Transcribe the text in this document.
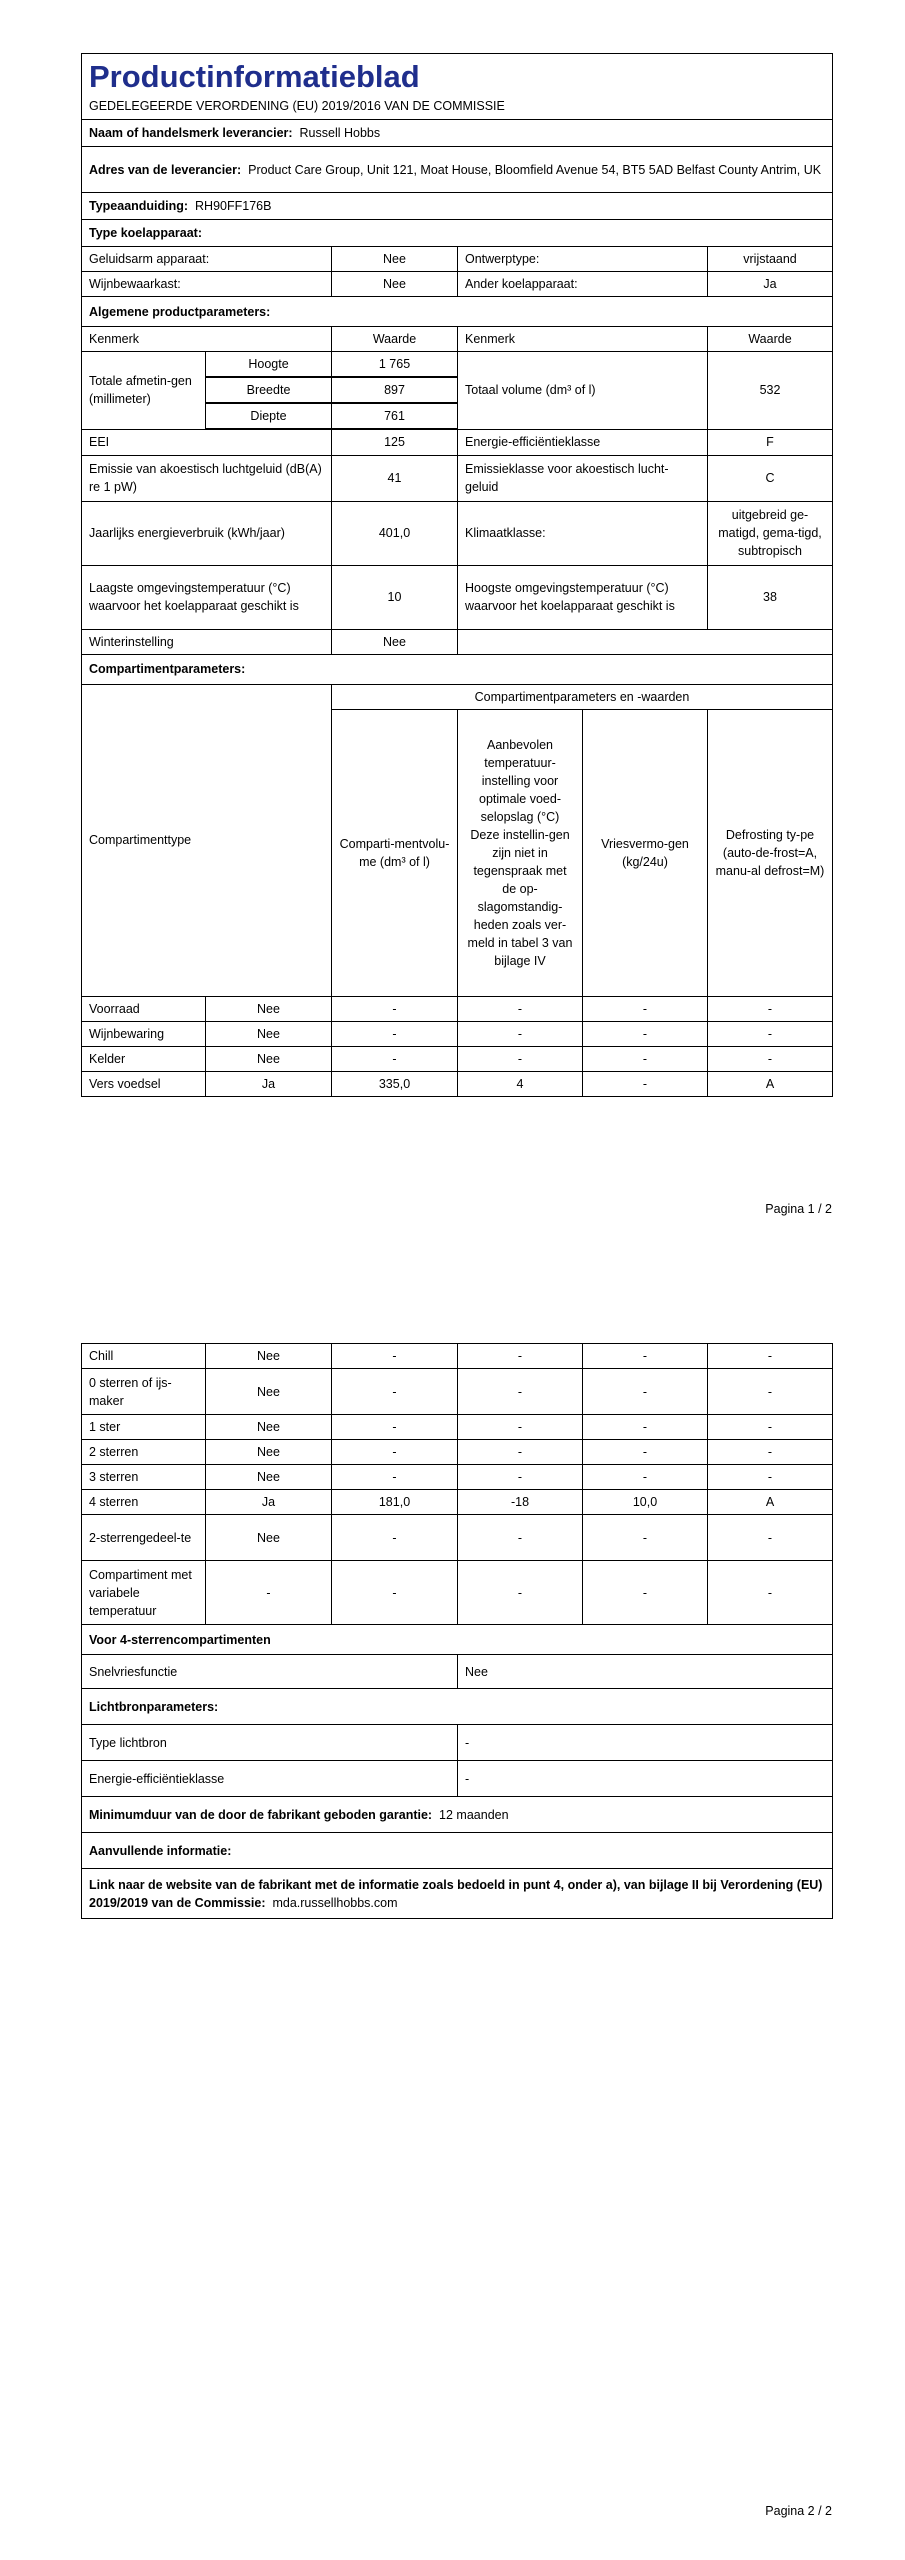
Productinformatieblad
GEDELEGEERDE VERORDENING (EU) 2019/2016 VAN DE COMMISSIE				

Naam of handelsmerk leverancier: Russell Hobbs				
Adres van de leverancier: Product Care Group, Unit 121, Moat House, Bloomfield Avenue 54, BT5 5AD Belfast County Antrim, UK				
Typeaanduiding: RH90FF176B				
Type koelapparaat:				
Geluidsarm apparaat:		Nee	Ontwerptype:	vrijstaand
Wijnbewaarkast:		Nee	Ander koelapparaat:	Ja
Algemene productparameters:				
Kenmerk		Waarde	Kenmerk	Waarde
Totale afmetin-gen (millimeter)	Hoogte	1 765	Totaal volume (dm³ of l)	532
	Breedte	897		
	Diepte	761		
EEI		125	Energie-efficiëntieklasse	F
Emissie van akoestisch luchtgeluid (dB(A) re 1 pW)		41	Emissieklasse voor akoestisch lucht-geluid	C
Jaarlijks energieverbruik (kWh/jaar)		401,0	Klimaatklasse:	uitgebreid ge-matigd, gema-tigd, subtropisch
Laagste omgevingstemperatuur (°C) waarvoor het koelapparaat geschikt is		10	Hoogste omgevingstemperatuur (°C) waarvoor het koelapparaat geschikt is	38
Winterinstelling		Nee		
Compartimentparameters:				
Compartimenttype		Compartimentparameters en -waarden			
		Comparti-mentvolu-me (dm³ of l)	Aanbevolen temperatuur-instelling voor optimale voed-selopslag (°C) Deze instellin-gen zijn niet in tegenspraak met de op-slagomstandig-heden zoals ver-meld in tabel 3 van bijlage IV	Vriesvermo-gen (kg/24u)	Defrosting ty-pe (auto-de-frost=A, manu-al defrost=M)
Voorraad	Nee	-	-	-	-
Wijnbewaring	Nee	-	-	-	-
Kelder	Nee	-	-	-	-
Vers voedsel	Ja	335,0	4	-	A
Pagina 1 / 2
Chill	Nee	-	-	-	-
0 sterren of ijs-maker	Nee	-	-	-	-
1 ster	Nee	-	-	-	-
2 sterren	Nee	-	-	-	-
3 sterren	Nee	-	-	-	-
4 sterren	Ja	181,0	-18	10,0	A
2-sterrengedeel-te	Nee	-	-	-	-
Compartiment met variabele temperatuur	-	-	-	-	-
Voor 4-sterrencompartimenten	
Snelvriesfunctie	Nee
Lichtbronparameters:	
Type lichtbron	-
Energie-efficiëntieklasse	-
Minimumduur van de door de fabrikant geboden garantie: 12 maanden	
Aanvullende informatie:	
Link naar de website van de fabrikant met de informatie zoals bedoeld in punt 4, onder a), van bijlage II bij Verordening (EU) 2019/2019 van de Commissie: mda.russellhobbs.com	
Pagina 2 / 2
